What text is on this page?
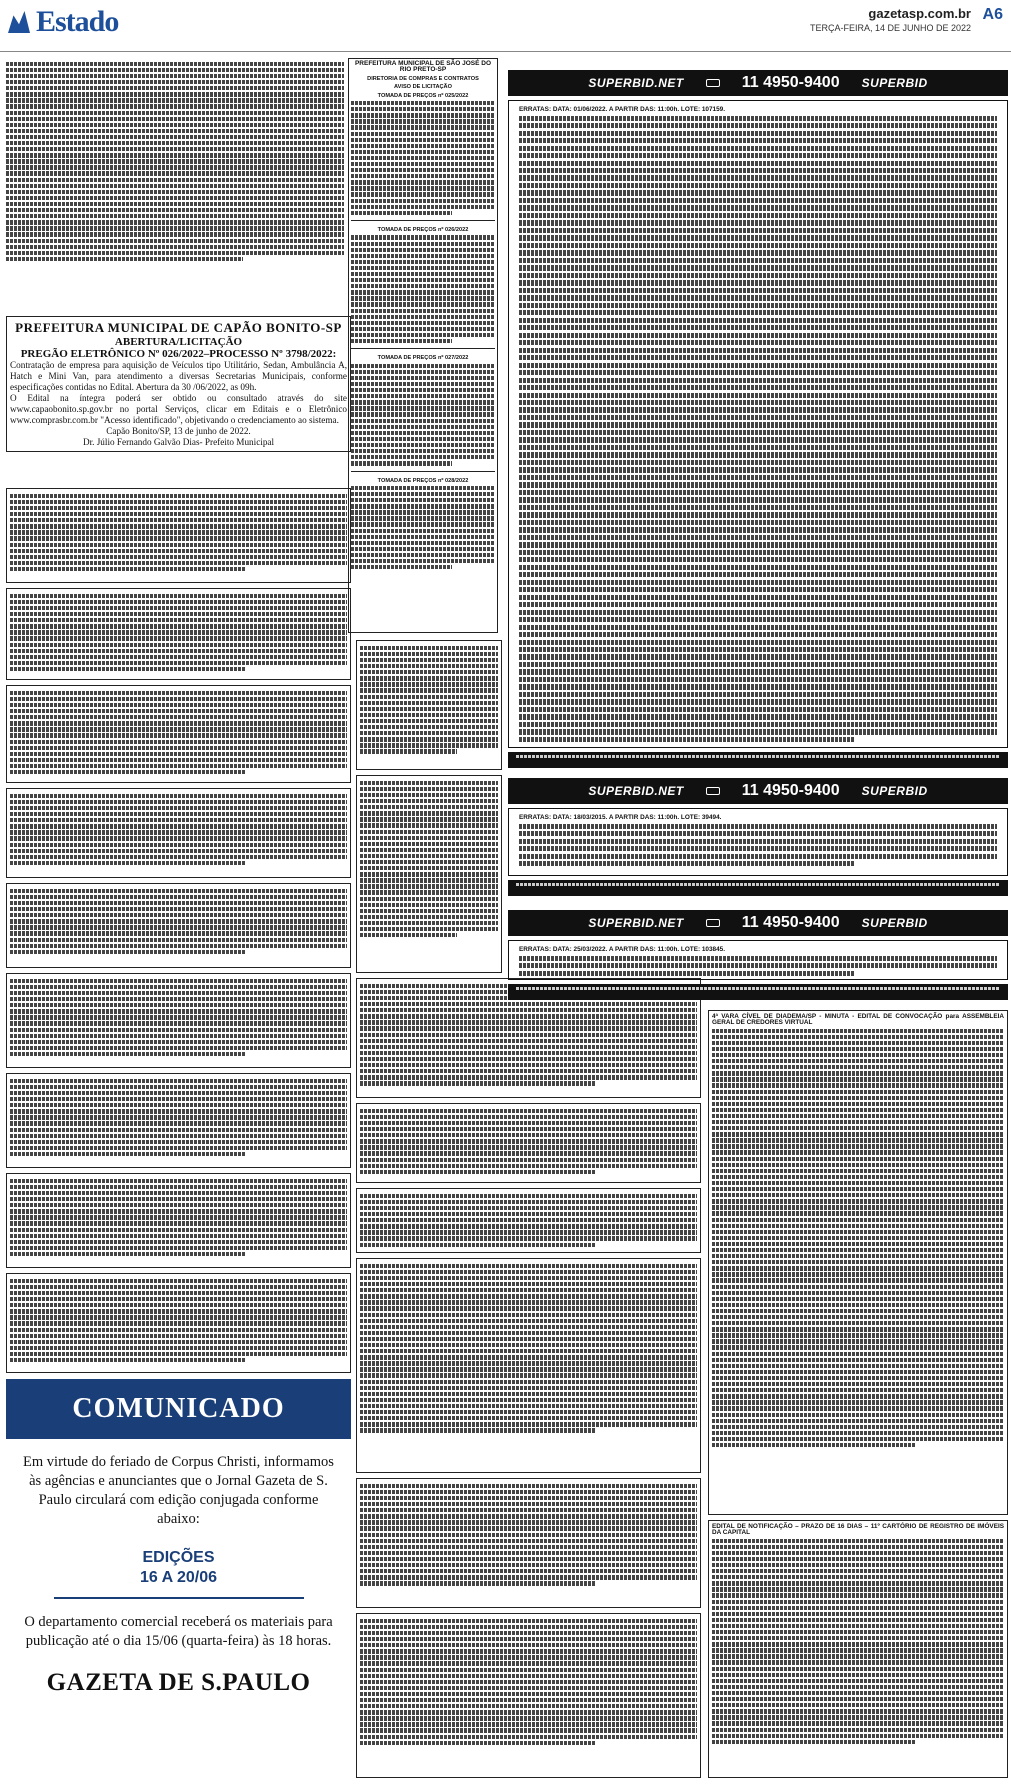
Estado	gazetasp.com.br
TERÇA-FEIRA, 14 DE JUNHO DE 2022
A6
PREFEITURA MUNICIPAL DE CAPÃO BONITO-SP
ABERTURA/LICITAÇÃO
PREGÃO ELETRÔNICO Nº 026/2022–PROCESSO Nº 3798/2022:

Contratação de empresa para aquisição de Veículos tipo Utilitário, Sedan, Ambulância A, Hatch e Mini Van, para atendimento a diversas Secretarias Municipais, conforme especificações contidas no Edital. Abertura da 30 /06/2022, as 09h.

O Edital na íntegra poderá ser obtido ou consultado através do site www.capaobonito.sp.gov.br no portal Serviços, clicar em Editais e o Eletrônico www.comprasbr.com.br "Acesso identificado", objetivando o credenciamento ao sistema.

Capão Bonito/SP, 13 de junho de 2022.

Dr. Júlio Fernando Galvão Dias- Prefeito Municipal

PREFEITURA MUNICIPAL DE SÃO JOSÉ DO RIO PRETO-SP
DIRETORIA DE COMPRAS E CONTRATOS
AVISO DE LICITAÇÃO
TOMADA DE PREÇOS nº 025/2022
TOMADA DE PREÇOS nº 026/2022
TOMADA DE PREÇOS nº 027/2022
TOMADA DE PREÇOS nº 028/2022
SUPERBID.NET	11 4950-9400 SUPERBID
ERRATAS: DATA: 01/06/2022. A PARTIR DAS: 11:00h. LOTE: 107159.
SUPERBID.NET	11 4950-9400 SUPERBID
ERRATAS: DATA: 18/03/2015. A PARTIR DAS: 11:00h. LOTE: 39494.
SUPERBID.NET	11 4950-9400 SUPERBID
ERRATAS: DATA: 25/03/2022. A PARTIR DAS: 11:00h. LOTE: 103845.
4ª VARA CÍVEL DE DIADEMA/SP - MINUTA - EDITAL DE CONVOCAÇÃO para ASSEMBLEIA GERAL DE CREDORES VIRTUAL
EDITAL DE NOTIFICAÇÃO – PRAZO DE 16 DIAS – 11º CARTÓRIO DE REGISTRO DE IMÓVEIS DA CAPITAL
COMUNICADO

Em virtude do feriado de Corpus Christi, informamos às agências e anunciantes que o Jornal Gazeta de S. Paulo circulará com edição conjugada conforme abaixo:

EDIÇÕES
16 A 20/06

O departamento comercial receberá os materiais para publicação até o dia 15/06 (quarta-feira) às 18 horas.

GAZETA DE S.PAULO
